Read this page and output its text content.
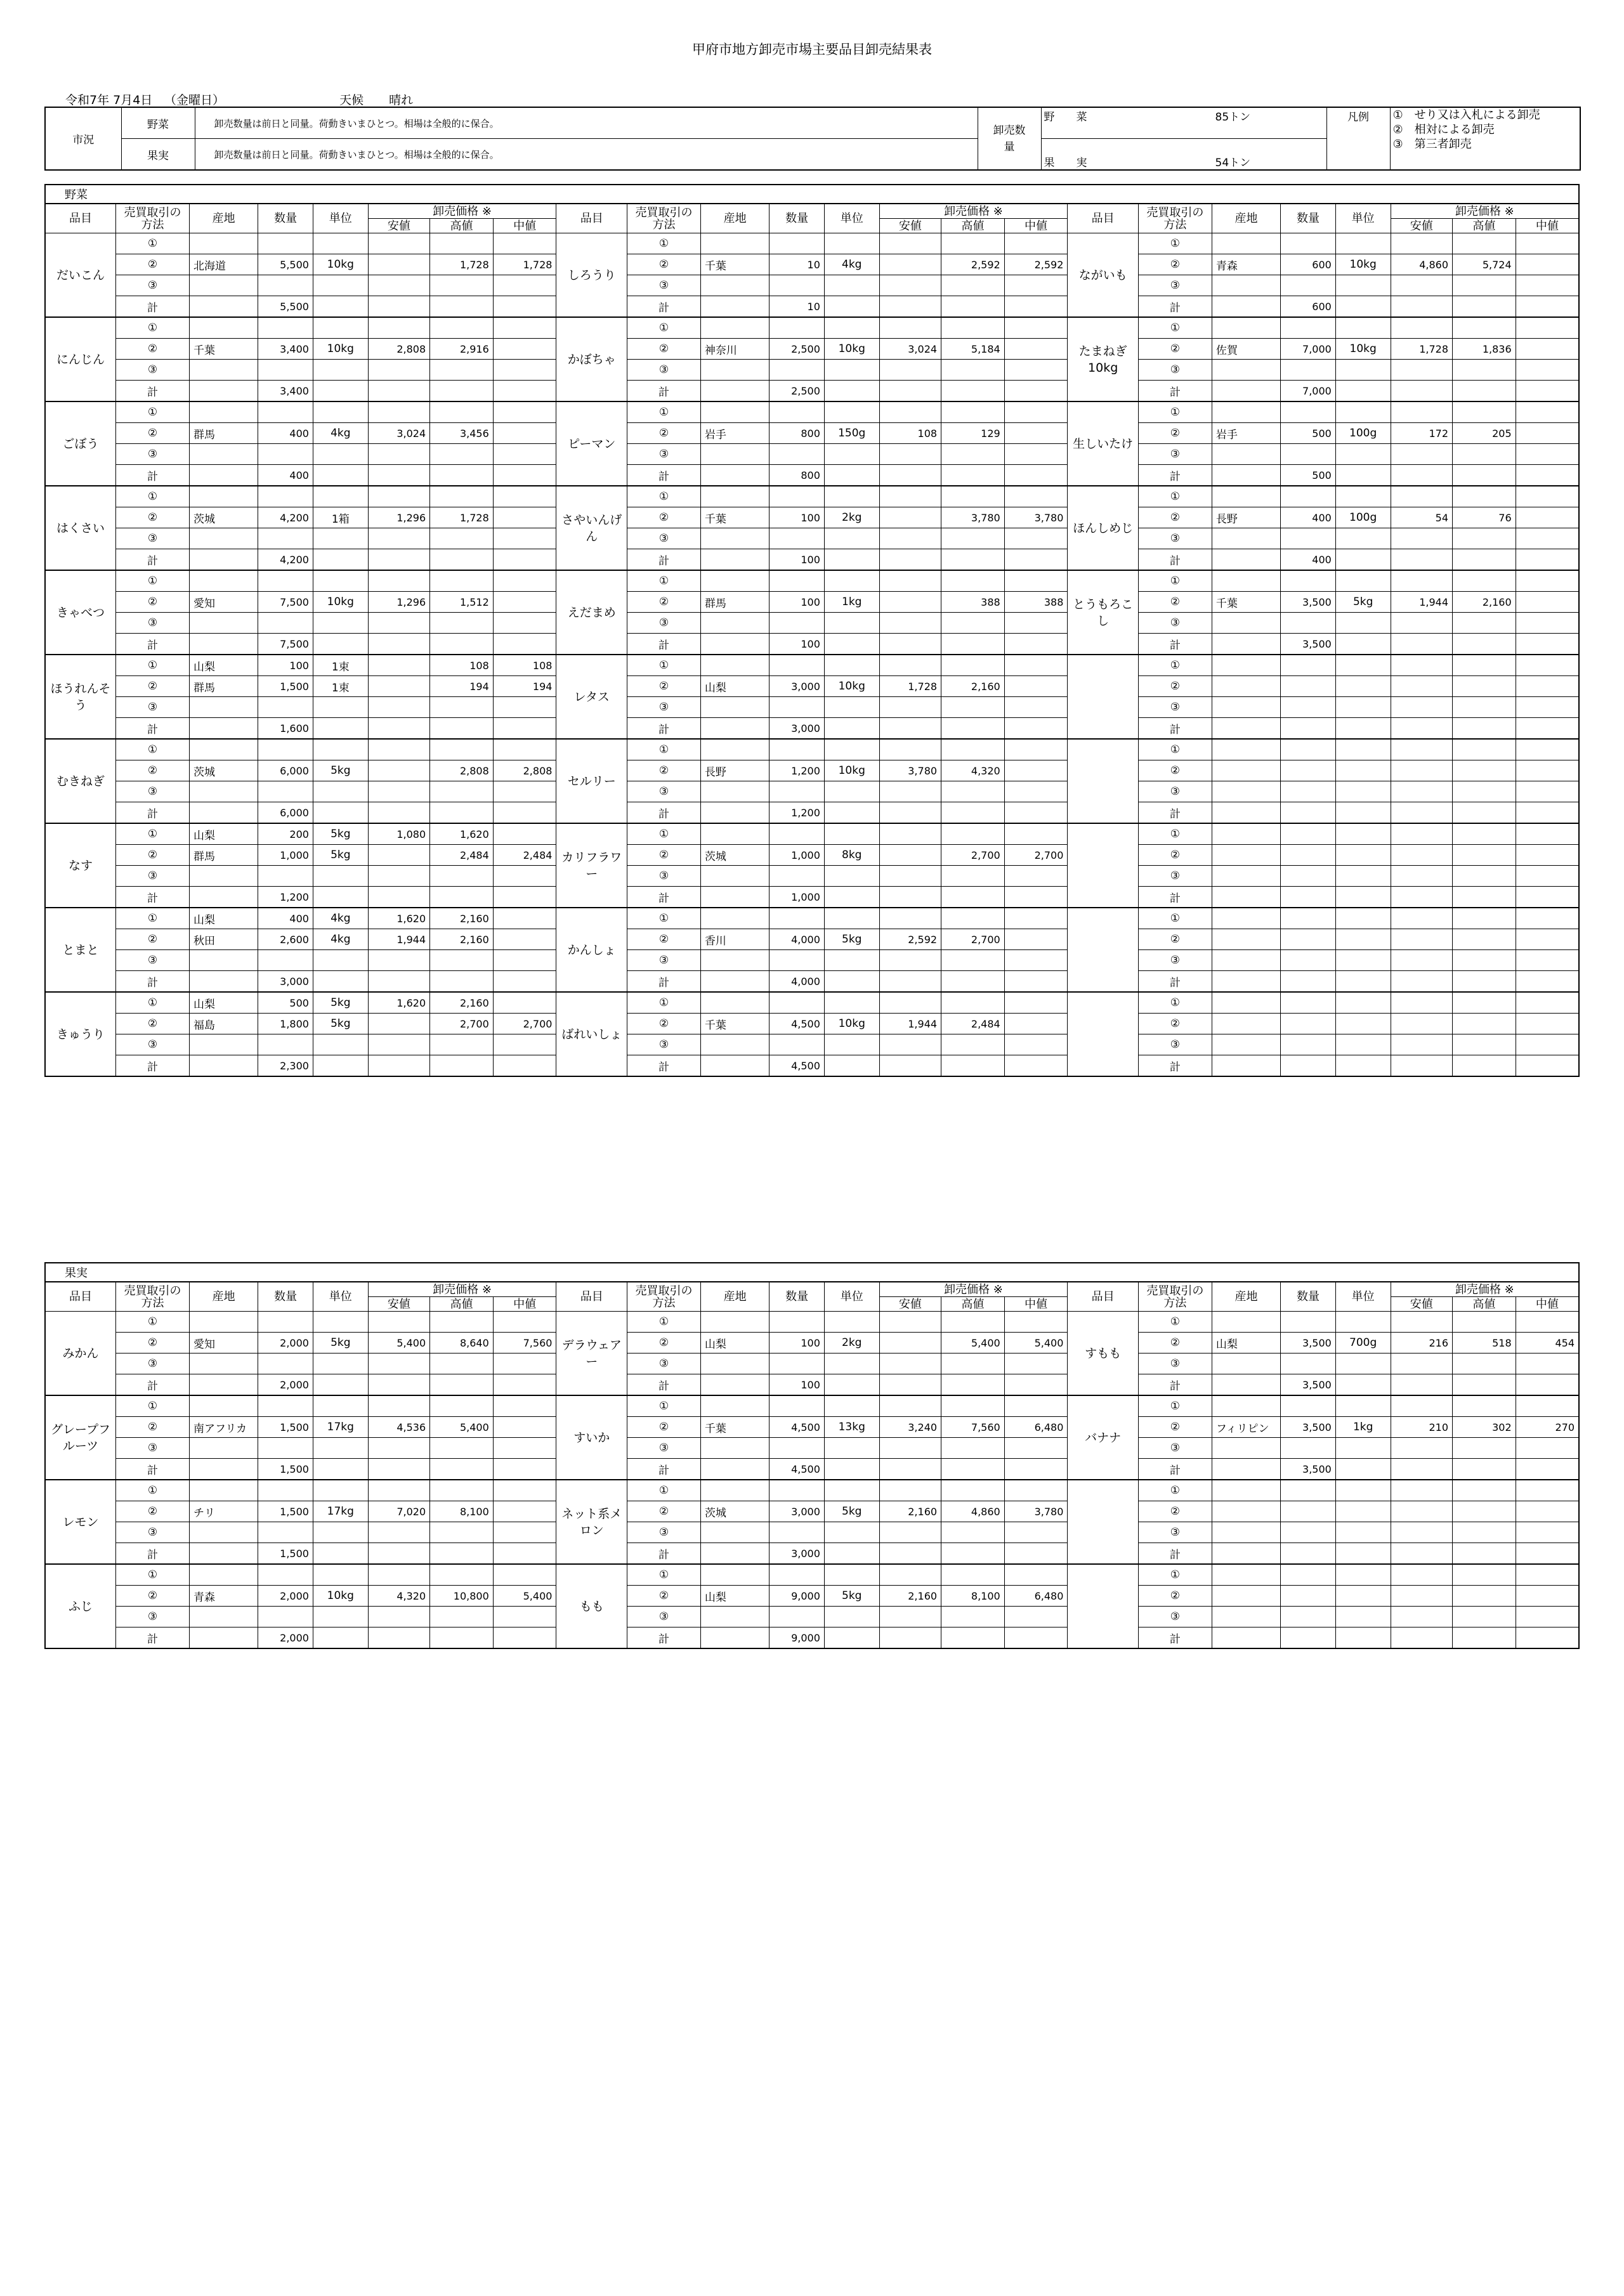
甲府市地方卸売市場主要品目卸売結果表
令和7年 7月4日 （金曜日）	天候 晴れ
市況	野菜	卸売数量は前日と同量。荷動きいまひとつ。相場は全般的に保合。	卸売数量	野　　菜 85トン	凡例	①　せり又は入札による卸売
②　相対による卸売
③　第三者卸売

	果実	卸売数量は前日と同量。荷動きいまひとつ。相場は全般的に保合。		果　　実 54トン		
野菜																							
品目	売買取引の方法	産地	数量	単位	卸売価格 ※			品目	売買取引の方法	産地	数量	単位	卸売価格 ※			品目	売買取引の方法	産地	数量	単位	卸売価格 ※		
					安値	高値	中値						安値	高値	中値						安値	高値	中値
だいこん	①							しろうり	①							ながいも	①						
	②	北海道	5,500	10kg		1,728	1,728		②	千葉	10	4kg		2,592	2,592		②	青森	600	10kg	4,860	5,724	
	③								③								③						
	計		5,500						計		10						計		600				
にんじん	①							かぼちゃ	①							たまねぎ 10kg	①						
	②	千葉	3,400	10kg	2,808	2,916			②	神奈川	2,500	10kg	3,024	5,184			②	佐賀	7,000	10kg	1,728	1,836	
	③								③								③						
	計		3,400						計		2,500						計		7,000				
ごぼう	①							ピーマン	①							生しいたけ	①						
	②	群馬	400	4kg	3,024	3,456			②	岩手	800	150g	108	129			②	岩手	500	100g	172	205	
	③								③								③						
	計		400						計		800						計		500				
はくさい	①							さやいんげん	①							ほんしめじ	①						
	②	茨城	4,200	1箱	1,296	1,728			②	千葉	100	2kg		3,780	3,780		②	長野	400	100g	54	76	
	③								③								③						
	計		4,200						計		100						計		400				
きゃべつ	①							えだまめ	①							とうもろこし	①						
	②	愛知	7,500	10kg	1,296	1,512			②	群馬	100	1kg		388	388		②	千葉	3,500	5kg	1,944	2,160	
	③								③								③						
	計		7,500						計		100						計		3,500				
ほうれんそう	①	山梨	100	1束		108	108	レタス	①								①						
	②	群馬	1,500	1束		194	194		②	山梨	3,000	10kg	1,728	2,160			②						
	③								③								③						
	計		1,600						計		3,000						計						
むきねぎ	①							セルリー	①								①						
	②	茨城	6,000	5kg		2,808	2,808		②	長野	1,200	10kg	3,780	4,320			②						
	③								③								③						
	計		6,000						計		1,200						計						
なす	①	山梨	200	5kg	1,080	1,620		カリフラワー	①								①						
	②	群馬	1,000	5kg		2,484	2,484		②	茨城	1,000	8kg		2,700	2,700		②						
	③								③								③						
	計		1,200						計		1,000						計						
とまと	①	山梨	400	4kg	1,620	2,160		かんしょ	①								①						
	②	秋田	2,600	4kg	1,944	2,160			②	香川	4,000	5kg	2,592	2,700			②						
	③								③								③						
	計		3,000						計		4,000						計						
きゅうり	①	山梨	500	5kg	1,620	2,160		ばれいしょ	①								①						
	②	福島	1,800	5kg		2,700	2,700		②	千葉	4,500	10kg	1,944	2,484			②						
	③								③								③						
	計		2,300						計		4,500						計						
果実																							
品目	売買取引の方法	産地	数量	単位	卸売価格 ※			品目	売買取引の方法	産地	数量	単位	卸売価格 ※			品目	売買取引の方法	産地	数量	単位	卸売価格 ※		
					安値	高値	中値						安値	高値	中値						安値	高値	中値
みかん	①							デラウェアー	①							すもも	①						
	②	愛知	2,000	5kg	5,400	8,640	7,560		②	山梨	100	2kg		5,400	5,400		②	山梨	3,500	700g	216	518	454
	③								③								③						
	計		2,000						計		100						計		3,500				
グレープフルーツ	①							すいか	①							バナナ	①						
	②	南アフリカ	1,500	17kg	4,536	5,400			②	千葉	4,500	13kg	3,240	7,560	6,480		②	フィリピン	3,500	1kg	210	302	270
	③								③								③						
	計		1,500						計		4,500						計		3,500				
レモン	①							ネット系メロン	①								①						
	②	チリ	1,500	17kg	7,020	8,100			②	茨城	3,000	5kg	2,160	4,860	3,780		②						
	③								③								③						
	計		1,500						計		3,000						計						
ふじ	①							もも	①								①						
	②	青森	2,000	10kg	4,320	10,800	5,400		②	山梨	9,000	5kg	2,160	8,100	6,480		②						
	③								③								③						
	計		2,000						計		9,000						計						
